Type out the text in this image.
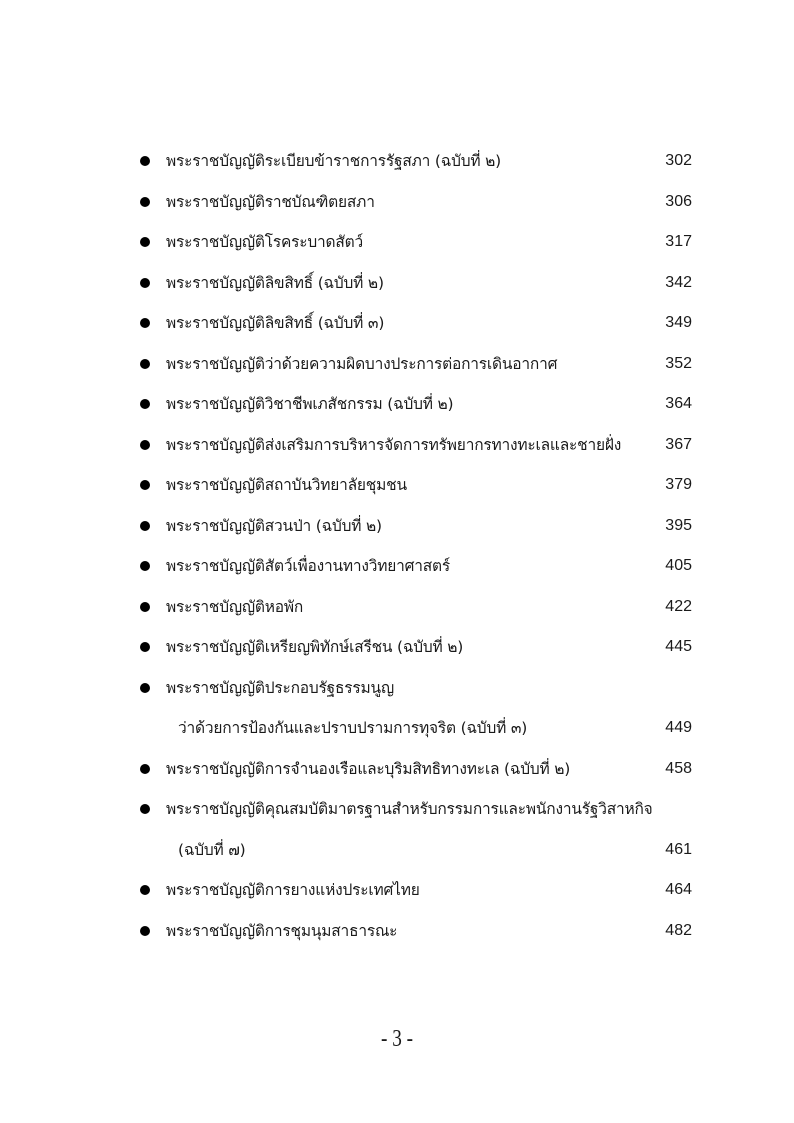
พระราชบัญญัติระเบียบข้าราชการรัฐสภา (ฉบับที่ ๒)	302
พระราชบัญญัติราชบัณฑิตยสภา	306
พระราชบัญญัติโรคระบาดสัตว์	317
พระราชบัญญัติลิขสิทธิ์ (ฉบับที่ ๒)	342
พระราชบัญญัติลิขสิทธิ์ (ฉบับที่ ๓)	349
พระราชบัญญัติว่าด้วยความผิดบางประการต่อการเดินอากาศ	352
พระราชบัญญัติวิชาชีพเภสัชกรรม (ฉบับที่ ๒)	364
พระราชบัญญัติส่งเสริมการบริหารจัดการทรัพยากรทางทะเลและชายฝั่ง	367
พระราชบัญญัติสถาบันวิทยาลัยชุมชน	379
พระราชบัญญัติสวนป่า (ฉบับที่ ๒)	395
พระราชบัญญัติสัตว์เพื่องานทางวิทยาศาสตร์	405
พระราชบัญญัติหอพัก	422
พระราชบัญญัติเหรียญพิทักษ์เสรีชน (ฉบับที่ ๒)	445
พระราชบัญญัติประกอบรัฐธรรมนูญ
ว่าด้วยการป้องกันและปราบปรามการทุจริต (ฉบับที่ ๓)	449
พระราชบัญญัติการจำนองเรือและบุริมสิทธิทางทะเล (ฉบับที่ ๒)	458
พระราชบัญญัติคุณสมบัติมาตรฐานสำหรับกรรมการและพนักงานรัฐวิสาหกิจ
(ฉบับที่ ๗)	461
พระราชบัญญัติการยางแห่งประเทศไทย	464
พระราชบัญญัติการชุมนุมสาธารณะ	482
- 3 -
